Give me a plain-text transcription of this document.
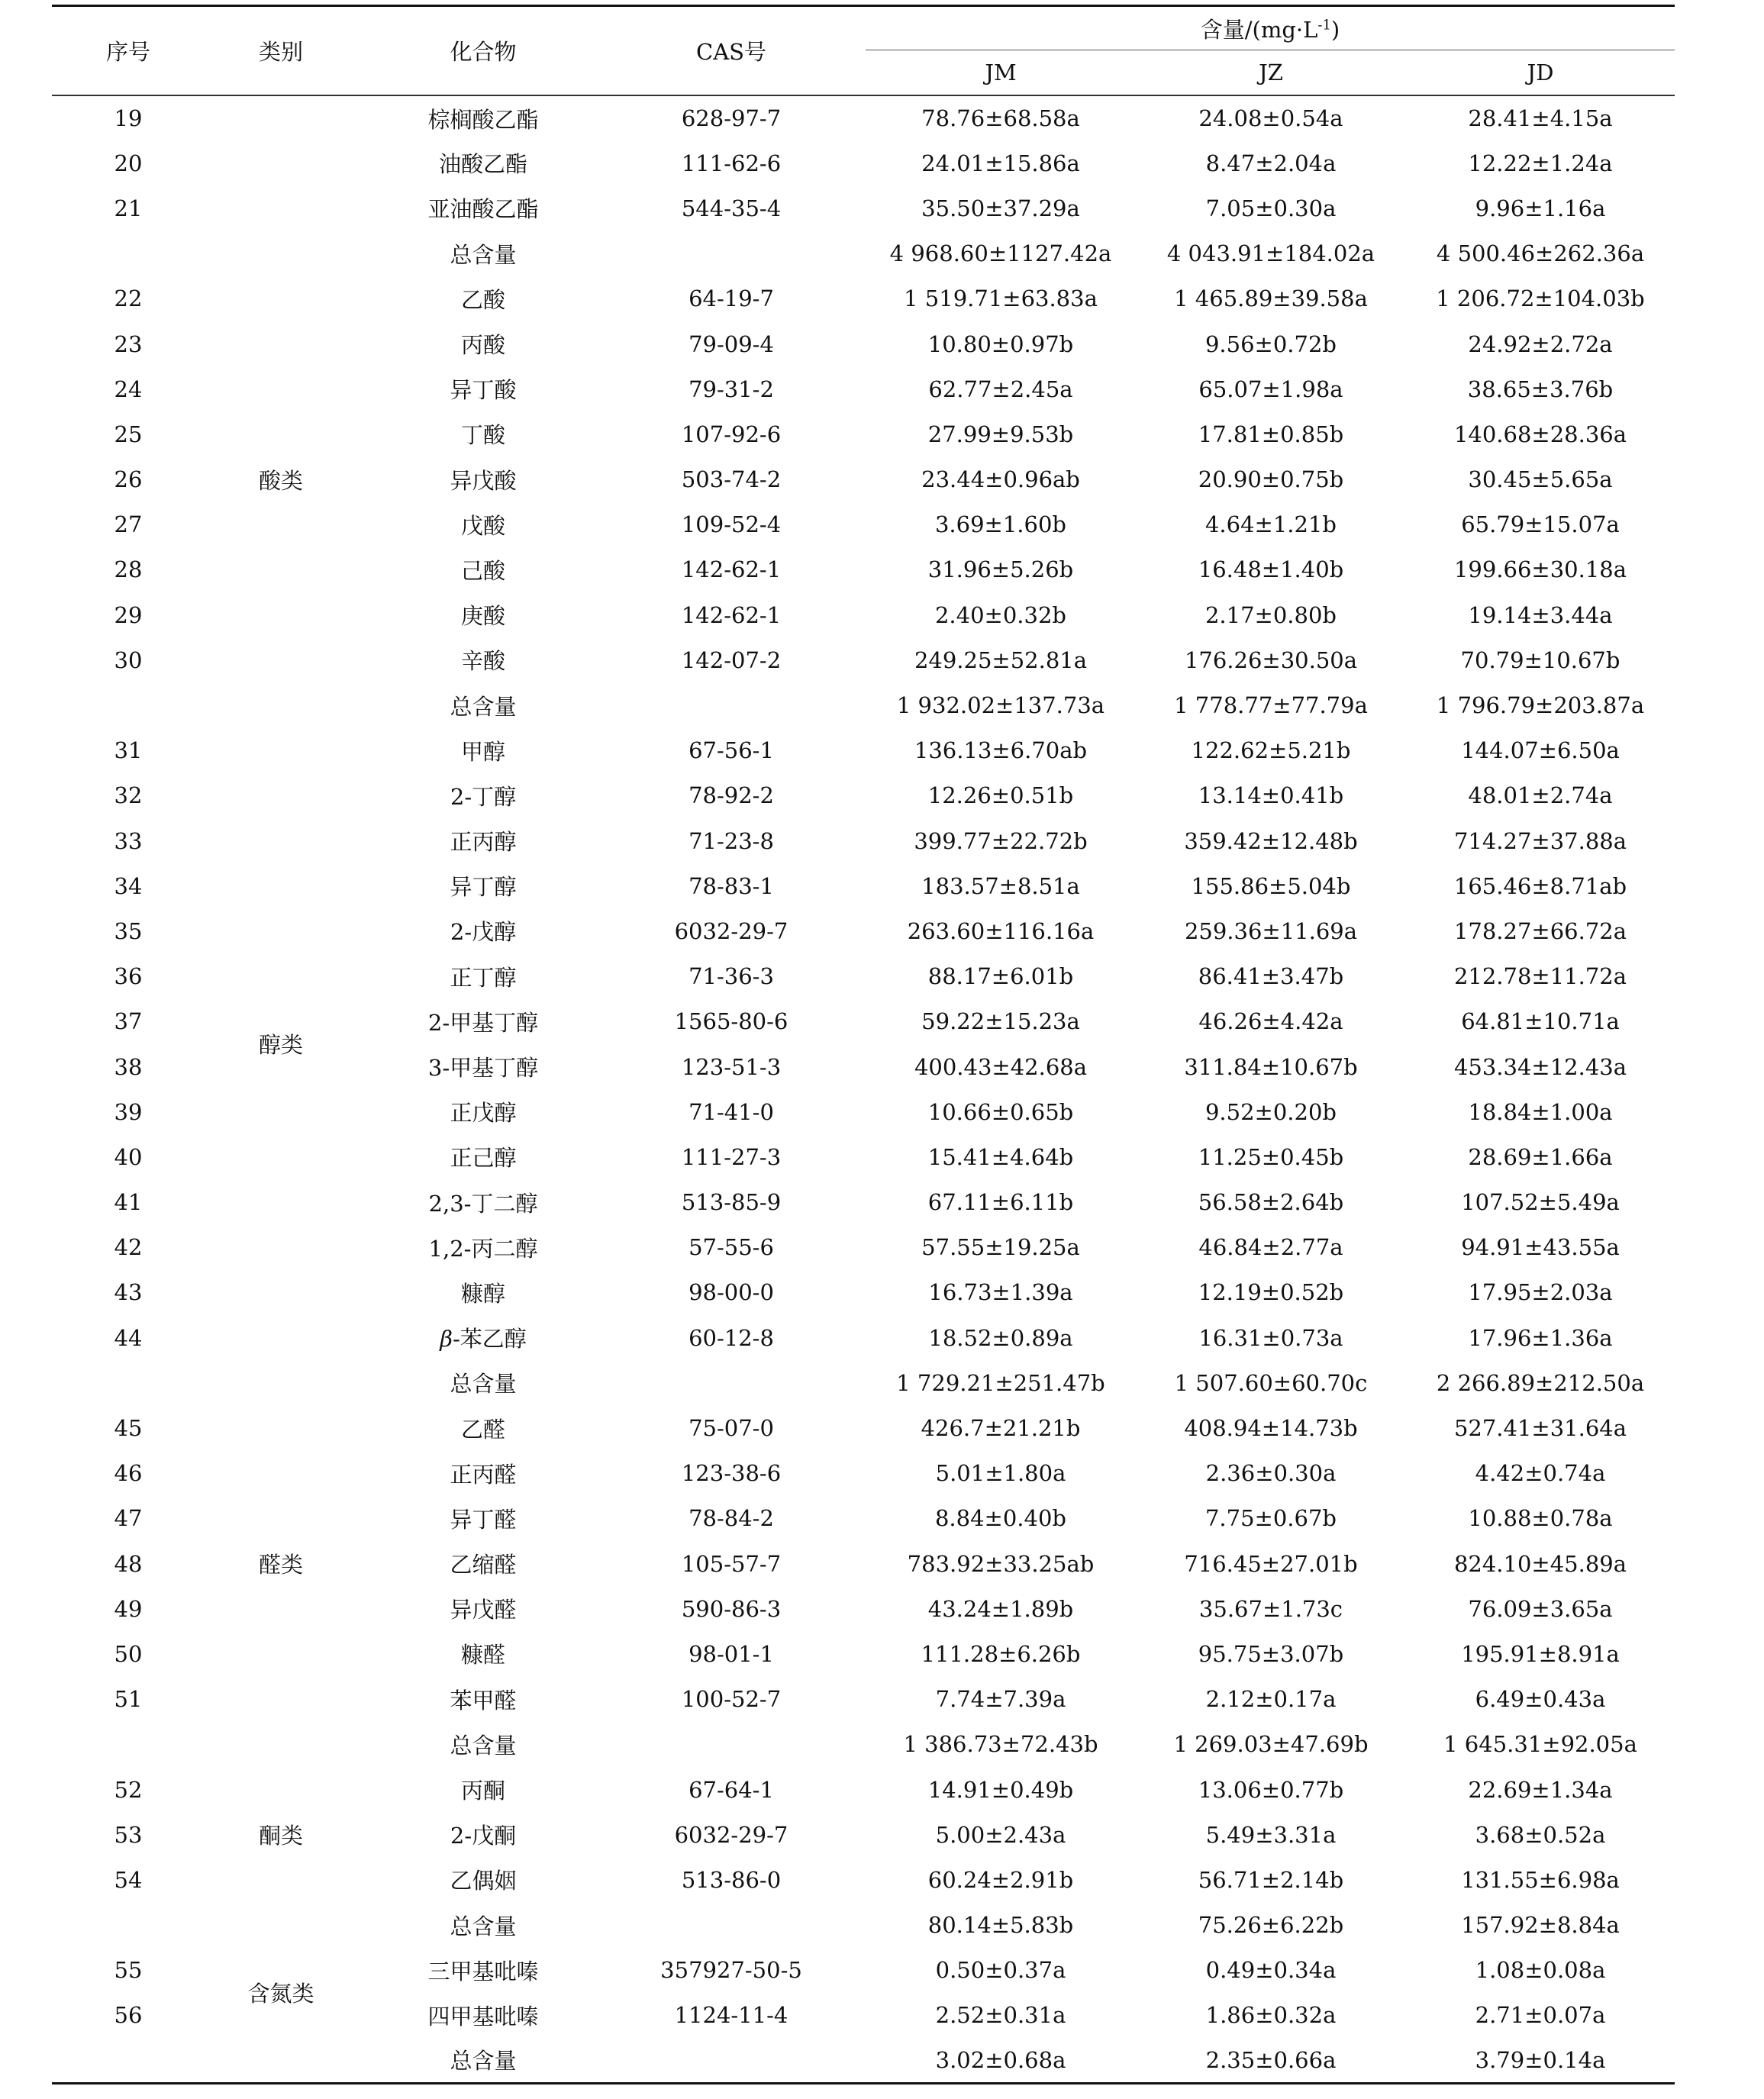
序号	类别	化合物	CAS号		含量$/(mg\cdot L^{-1})$		
					JM	JZ	JD
19		棕榈酸乙酯	628-97-7		78.76±68.58a	24.08±0.54a	28.41±4.15a
20		油酸乙酯	111-62-6		24.01±15.86a	8.47±2.04a	12.22±1.24a
21		亚油酸乙酯	544-35-4		35.50±37.29a	7.05±0.30a	9.96±1.16a
		总含量			4 968.60±1127.42a	4 043.91±184.02a	4 500.46±262.36a
22	酸类	乙酸	64-19-7		1 519.71±63.83a	1 465.89±39.58a	1 206.72±104.03b
23		丙酸	79-09-4		10.80±0.97b	9.56±0.72b	24.92±2.72a
24		异丁酸	79-31-2		62.77±2.45a	65.07±1.98a	38.65±3.76b
25		丁酸	107-92-6		27.99±9.53b	17.81±0.85b	140.68±28.36a
26		异戊酸	503-74-2		23.44±0.96ab	20.90±0.75b	30.45±5.65a
27		戊酸	109-52-4		3.69±1.60b	4.64±1.21b	65.79±15.07a
28		己酸	142-62-1		31.96±5.26b	16.48±1.40b	199.66±30.18a
29		庚酸	142-62-1		2.40±0.32b	2.17±0.80b	19.14±3.44a
30		辛酸	142-07-2		249.25±52.81a	176.26±30.50a	70.79±10.67b
		总含量			1 932.02±137.73a	1 778.77±77.79a	1 796.79±203.87a
31	醇类	甲醇	67-56-1		136.13±6.70ab	122.62±5.21b	144.07±6.50a
32		2-丁醇	78-92-2		12.26±0.51b	13.14±0.41b	48.01±2.74a
33		正丙醇	71-23-8		399.77±22.72b	359.42±12.48b	714.27±37.88a
34		异丁醇	78-83-1		183.57±8.51a	155.86±5.04b	165.46±8.71ab
35		2-戊醇	6032-29-7		263.60±116.16a	259.36±11.69a	178.27±66.72a
36		正丁醇	71-36-3		88.17±6.01b	86.41±3.47b	212.78±11.72a
37		2-甲基丁醇	1565-80-6		59.22±15.23a	46.26±4.42a	64.81±10.71a
38		3-甲基丁醇	123-51-3		400.43±42.68a	311.84±10.67b	453.34±12.43a
39		正戊醇	71-41-0		10.66±0.65b	9.52±0.20b	18.84±1.00a
40		正己醇	111-27-3		15.41±4.64b	11.25±0.45b	28.69±1.66a
41		2,3-丁二醇	513-85-9		67.11±6.11b	56.58±2.64b	107.52±5.49a
42		1,2-丙二醇	57-55-6		57.55±19.25a	46.84±2.77a	94.91±43.55a
43		糠醇	98-00-0		16.73±1.39a	12.19±0.52b	17.95±2.03a
44		β-苯乙醇	60-12-8		18.52±0.89a	16.31±0.73a	17.96±1.36a
		总含量			1 729.21±251.47b	1 507.60±60.70c	2 266.89±212.50a
45	醛类	乙醛	75-07-0		426.7±21.21b	408.94±14.73b	527.41±31.64a
46		正丙醛	123-38-6		5.01±1.80a	2.36±0.30a	4.42±0.74a
47		异丁醛	78-84-2		8.84±0.40b	7.75±0.67b	10.88±0.78a
48		乙缩醛	105-57-7		783.92±33.25ab	716.45±27.01b	824.10±45.89a
49		异戊醛	590-86-3		43.24±1.89b	35.67±1.73c	76.09±3.65a
50		糠醛	98-01-1		111.28±6.26b	95.75±3.07b	195.91±8.91a
51		苯甲醛	100-52-7		7.74±7.39a	2.12±0.17a	6.49±0.43a
		总含量			1 386.73±72.43b	1 269.03±47.69b	1 645.31±92.05a
52	酮类	丙酮	67-64-1		14.91±0.49b	13.06±0.77b	22.69±1.34a
53		2-戊酮	6032-29-7		5.00±2.43a	5.49±3.31a	3.68±0.52a
54		乙偶姻	513-86-0		60.24±2.91b	56.71±2.14b	131.55±6.98a
		总含量			80.14±5.83b	75.26±6.22b	157.92±8.84a
55	含氮类	三甲基吡嗪	357927-50-5		0.50±0.37a	0.49±0.34a	1.08±0.08a
56		四甲基吡嗪	1124-11-4		2.52±0.31a	1.86±0.32a	2.71±0.07a
		总含量			3.02±0.68a	2.35±0.66a	3.79±0.14a
